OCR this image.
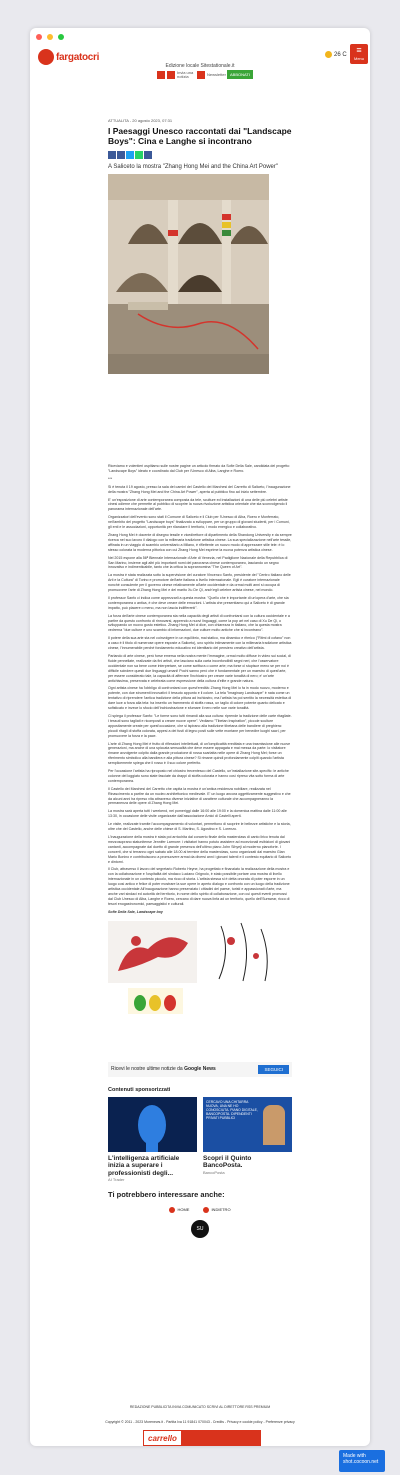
fargatocri	26 C	≡
Menu
Edizione locale Sitestationale.it
Invia una notizia	Newsletter	ABBONATI
ATTUALITA - 20 agosto 2023, 07:31
I Paesaggi Unesco raccontati dai "Landscape Boys": Cina e Langhe si incontrano
A Saliceto la mostra "Zhang Hong Mei and the China Art Power"

Riceviamo e volentieri ospitiamo sulle nostre pagine un articolo firmato da Sofie Delia Sale, candidata del progetto "Landscape Boys" ideato e coordinato dal Club per l'Unesco di Alba, Langhe e Roero.

***

Si è tenuta il 19 agosto, presso la sala del camini del Castello dei Marchesi del Carretto di Saliceto, l'inaugurazione della mostra "Zhang Hong Mei and the China Art Power", aperta al pubblico fino ad inizio settembre.

E' un'esposizione di arte contemporanea composta da tele, sculture ed installazioni di una delle più celebri artiste cinesi odierne che permette al pubblico di scoprire la nuova rivoluzione artistica orientale che sta sconvolgendo il panorama internazionale dell'arte.

Organizzatori dell'evento sono stati il Comune di Saliceto e il Club per l'Unesco di Alba, Roero e Monferrato, nell'ambito del progetto "Landscape boys" finalizzato a sviluppare, per un gruppo di giovani studenti, per i Comuni, gli enti e le associazioni, opportunità per rilanciare il territorio, i modo energico e collaborativo.

Zhang Hong Mei è docente di disegno tessile e vicedirettore di dipartimento della Shandong University e da sempre ricerca nel suo lavoro il dialogo con la millenaria tradizione artistica cinese. La sua specializzazione nell'arte tessile, affinata in un viaggio di scambio universitario a Milano, è riflettente un nuovo modo di apprezzare stile tele: è lo stesso colorata la moderna pittorica con cui Zhang Hong Mei esprime la nuova potenza artistica cinese.

Nel 2015 espone alla 56ª Biennale Internazionale d'Arte di Venezia, nel Padiglione Nazionale della Repubblica di San Marino, insieme agli altri più importanti nomi del panorama cinese contemporaneo, lasciando un segno innovativo e indimenticabile, tanto che la critica la soprannomina "The Queen of Art".

La mostra è stata realizzata sotto la supervisione del curatore Vincenzo Sanfo, presidente del "Centro Italiano delle Arti e la Cultura" di Torino e promotore dell'arte italiana a livello internazionale. Egli è curatore internazionale nonché consulente per il governo cinese relativamente all'arte occidentale e da ormai molti anni si occupa di promuovere l'arte di Zhang Hong Mei e del marito Xu De Qi, anch'egli celebre artista cinese, nel mondo.

Il professor Sanfo ci indica come apprezzarli a questa mostra: "Quello che è importante di un'opera d'arte, che sia contemporanea o antica, è che deve creare delle emozioni. L'artista che presentiamo qui a Saliceto è di grande impatto, può piacere o meno, ma non lascia indifferenti".

La forza dell'arte cinese contemporanea sta nella capacità degli artisti di confrontarsi con la cultura occidentale e a partire da questo confronto di rinnovarsi, apprendo a nuovi linguaggi, come la pop art nel caso di Xu De Qi, o sviluppando un nuovo gusto estetico. Zhang Hong Mei ci dice, con chiarezza in italiano, che la questa mostra vedrerna "due culture e uno scambio di informazioni, due culture molto antiche che si incontrano".

Il potere della sua arte sta nel coinvolgere in un equilibrio, mai statico, ma dinamico e ritmico ("Ritmi di cofano" non a caso è il titolo di numerose opere esposte a Saliceto), uno spirito intimamente con la millenaria tradizione artistica cinese, l'innumerabile perché fondamento educativo ed identitario del pensiero creativo dell'artista.

Parlando di arte cinese, però forse emersa nella nostra mente l'immagine, ormai molto diffuse in video sui social, di fluide pennellate, realizzate da fini artisti, che lasciano sulla carta inconfondibili segni neri, che l'osservatore occidentale non sa bene come interpretare, se come scrittura o come arte; ma forse ci stupisce meno se per noi è difficile scindere questi due linguaggi umani! Pochi sanno però che è fondamentale per un maestro di quest'arte, per essere considerato tale, la capacità di afferrare l'inchiostro per creare varie tonalità di nero; e' un'arte antichissima, preservata e celebrata come espressione della cultura d'elite e grande natura.

Ogni artista cinese ha l'obbligo di confrontarsi con quest'eredità: Zhang Hong Mei lo fa in modo nuovo, moderno e potente, con due strumenti innovativi: il tessuto appunto e il colore. La tela "Imaginary Landscape" è nata come un tentativo di riprendere l'antica tradizione della pittura ad inchiostro, ma l'artista ha poi sentito la necessità estetica di dare luce a forza alla tela: ha inserito un frammento di stoffa rossa, un taglio di colore potente quanto delicato e sofisticato e invece lo sfocio dell'inchiostrazione e sfumare il nero nelle sue varie tonalità.

Ci spiega il professor Sanfo: "Le forme sono tutti rimandi alla sua cultura: riprende la tradizione delle carte ritagliate. I tessuti sono tagliati e ricomposti a creare nuove opere". Vediamo "Tibetan Inspiration", piccole sculture appositamente create per quest'occasione, che si ispirano alla tradizione tibetana delle bandiere di preghiera: piccoli ritagli di stoffa colorata, appesi a dei fusti di legno posti sulle vette montane per benedire luoghi sacri, per promuovere la forza e la pace.

L'arte di Zhang Hong Mei è frutto di riflessioni intellettuali, di un'lomplicatità ereditata e una trasmissione alle nuove generazioni, ma anche di una spiccata sensualità che deve essere appagata e mai messa da parte: lo visitatore rimane avvolgente colpito dalla grande produzione di rossa scarlatta nelle opere di Zhang Hong Mei; forse un riferimento simbolico alla bandiera e alla pittura cinese? Si rimane quindi profondamente colpiti quando l'artista semplicemente spiega che il rosso è il suo colore preferito.

Per l'occasione l'artista ha riproposto nel chiostro trecentesco del Castello, un'installazione site-specific: le antiche colonne del loggiato sono state fasciate da drappi di stoffa colorata e hanno così ripreso vita sotto forma di arte contemporanea.

Il Castello dei Marchesi del Carretto che ospita la mostra è un'antica residenza nobiliare, realizzata nel Rinascimento a partire da un nucleo architettonico medievale. E' un luogo ancora oggettivamente suggestivo e che da alcuni anni ha ripreso vita attraverso diverse iniziative di carattere culturale che accompagneranno la permanenza delle opere di Zhang Hong Mei.

La mostra sarà aperta tutti i weekend, nei pomeriggi dalle 16:00 alle 19:00 e la domenica mattina dalle 11:00 alle 13:30, in occasione delle visite organizzate dall'associazione Amici di Castelli aperti.

Le visite, realizzate tramite l'accompagnamento di volontari, permettono di scoprire le bellezze artistiche e la storia, oltre che del Castello, anche delle chiese di S. Martino, S. Agostino e S. Lorenzo.

L'inaugurazione della mostra è stata poi arricchita dal concerto finale della masterclass di canto lirico tenuta dal mezzosoprano statunitense Jennifer Larmore: i visitatori hanno potuto assistere ad eccezionali esibizioni di giovani cantanti, accompagnate dal duetto di grande presenza dell'ultimo piano John Sihyeji al moderno pianoforte. I concerti, che si terranno ogni sabato alle 18.00 al termine della masterclass, sono organizzati dal maestro Gian Mario Bonino e contribuiscono a promuovere armai da diversi anni i giovani talenti e il contesto equitario di Saliceto e dintorni.

Il Club, attraverso il lavoro del segretario Roberto Heyne, ha progettato e finanziato la realizzazione della mostra e con la collaborazione e l'ospitalità del sindaco Luciano Grignolo, è stato possibile portare una mostra di livello internazionale in un contesto piccolo, ma ricco di storia. L'artista stessa si è detta onorata di poter esporre in un luogo così antico e felice di poter mostrare la sue opere in aperto dialogo e confronto con un luogo della tradizione artistica occidentale All'inaugurazione hanno presenziato i cittadini del paese, turisti e appassionati d'arte, ma anche vari sindaci ed autorità del territorio, in nome dello spirito di collaborazione, con cui questi eventi promossi dal Club Unesco di Alba, Langhe e Roero, cercano di dare nuova linfa ad un territorio, quello dell'Sunwear, ricco di tesori enogastronomici, paesaggistici e culturali.

Sofie Delia Sale, Landscape boy

Ricevi le nostre ultime notizie da Google News	SEGUICI
Contenuti sponsorizzati
L'intelligenza artificiale inizia a superare i professionisti degli...
AI Trader
CERCAVO UNA CHITARRA NUOVA, UNA NE HO CONOSCIUTA. PIANO DIGITALE, BANCOPOSTA. DIPENDENTI PRIVATI PUBBLICI
Scopri il Quinto BancoPosta.
BancoPosta
Ti potrebbero interessare anche:
HOME	INDIETRO
SU
REDAZIONE PUBBLICITA INVIA COMUNICATO SCRIVI AL DIRETTORE RSS PREMIUM
Copyright © 2011 - 2023 Morenews.it - Partita Iva 11 91841 070043 - Credits - Privacy e cookie policy - Preferenze privacy
carrello
Made with
shot.cocoon.net
